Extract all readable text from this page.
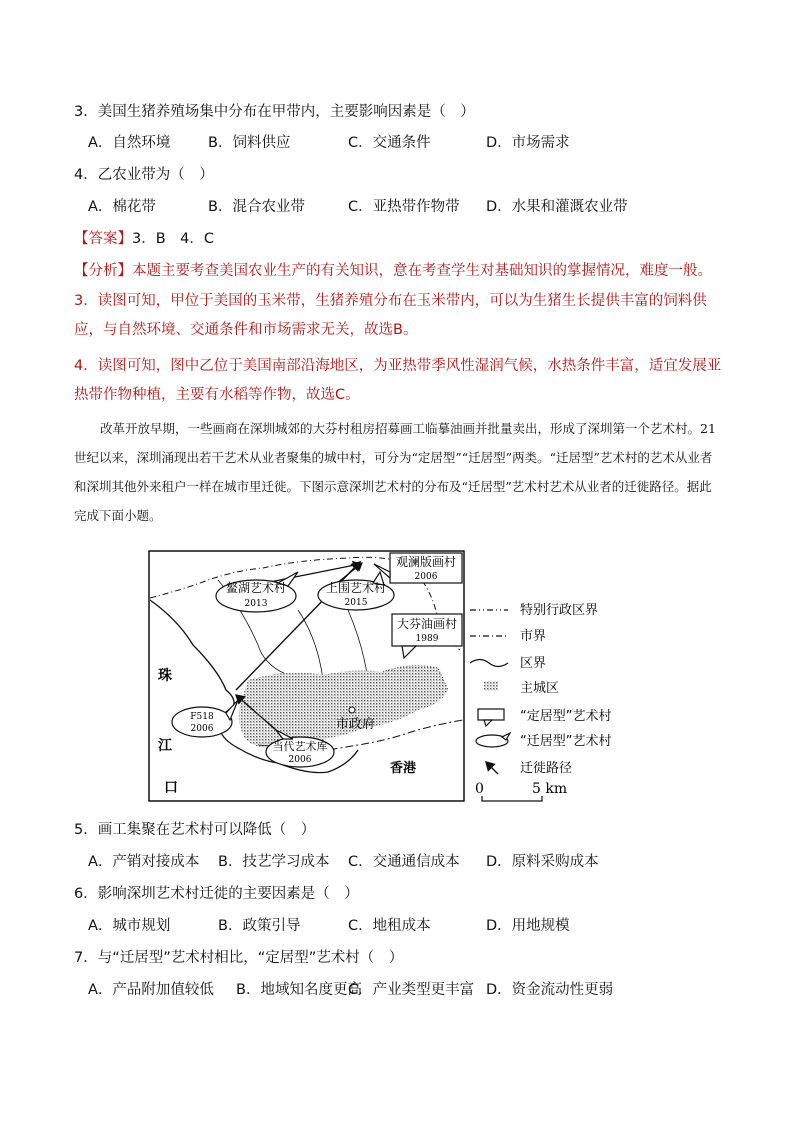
3．美国生猪养殖场集中分布在甲带内，主要影响因素是（　）
A．自然环境	B．饲料供应	C．交通条件	D．市场需求
4．乙农业带为（　）
A．棉花带	B．混合农业带	C．亚热带作物带 D．水果和灌溉农业带
【答案】3．B　4．C
【分析】本题主要考查美国农业生产的有关知识，意在考查学生对基础知识的掌握情况，难度一般。
3．读图可知，甲位于美国的玉米带，生猪养殖分布在玉米带内，可以为生猪生长提供丰富的饲料供应，与自然环境、交通条件和市场需求无关，故选B。
4．读图可知，图中乙位于美国南部沿海地区，为亚热带季风性湿润气候，水热条件丰富，适宜发展亚热带作物种植，主要有水稻等作物，故选C。
改革开放早期，一些画商在深圳城郊的大芬村租房招募画工临摹油画并批量卖出，形成了深圳第一个艺术村。21世纪以来，深圳涌现出若干艺术从业者聚集的城中村，可分为“定居型”“迁居型”两类。“迁居型”艺术村的艺术从业者和深圳其他外来租户一样在城市里迁徙。下图示意深圳艺术村的分布及“迁居型”艺术村艺术从业者的迁徙路径。据此完成下面小题。
市政府
珠
江
口
香港
鳌湖艺术村
2013
上围艺术村
2015
观澜版画村
2006
大芬油画村
1989
F518
2006
当代艺术库
2006
特别行政区界
市界
区界
主城区
“定居型”艺术村
“迁居型”艺术村
迁徙路径
0	5 km
5．画工集聚在艺术村可以降低（　）
A．产销对接成本 B．技艺学习成本 C．交通通信成本 D．原料采购成本
6．影响深圳艺术村迁徙的主要因素是（　）
A．城市规划	B．政策引导	C．地租成本	D．用地规模
7．与“迁居型”艺术村相比，“定居型”艺术村（　）
A．产品附加值较低 B．地域知名度更高
C．产业类型更丰富 D．资金流动性更弱
